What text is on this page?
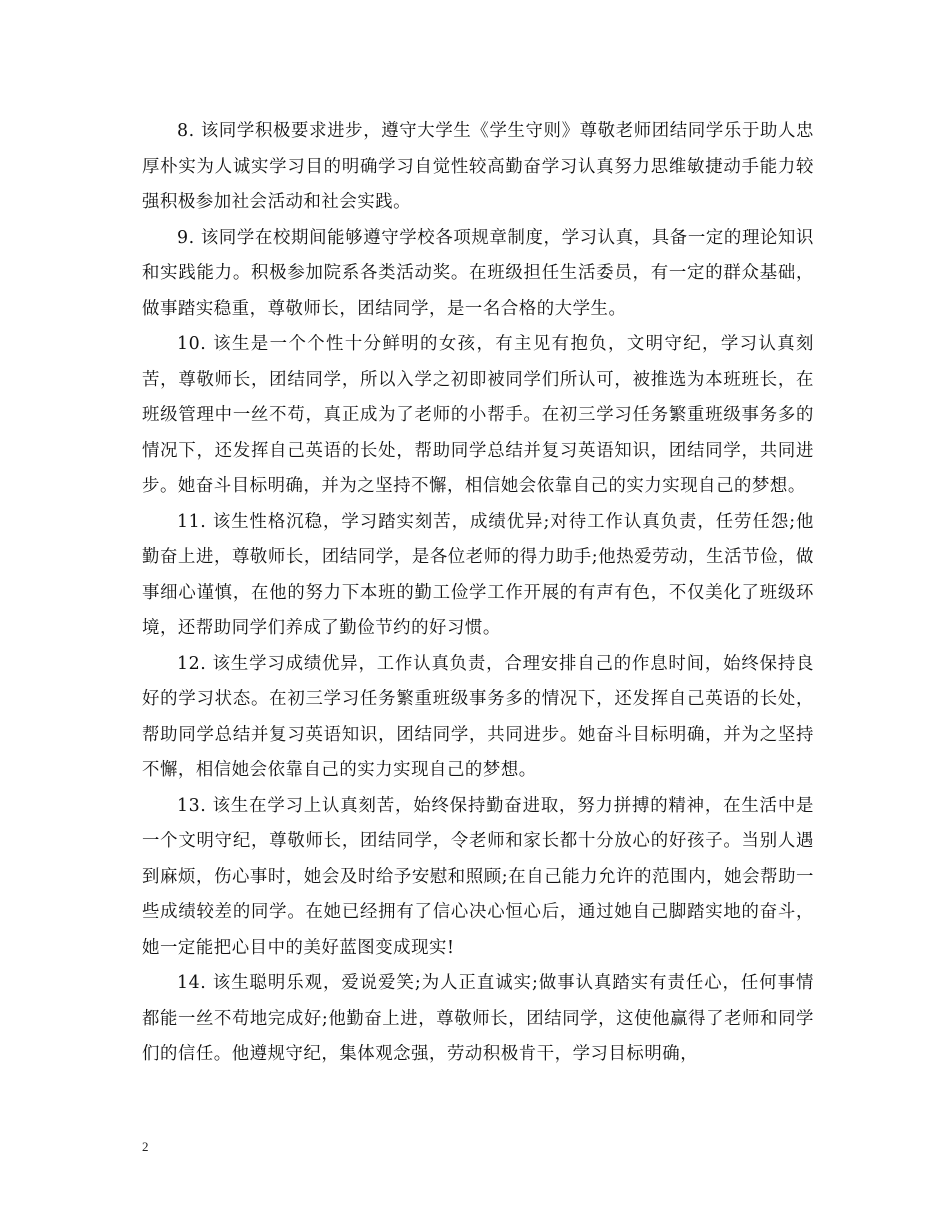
8. 该同学积极要求进步，遵守大学生《学生守则》尊敬老师团结同学乐于助人忠厚朴实为人诚实学习目的明确学习自觉性较高勤奋学习认真努力思维敏捷动手能力较强积极参加社会活动和社会实践。

9. 该同学在校期间能够遵守学校各项规章制度，学习认真，具备一定的理论知识和实践能力。积极参加院系各类活动奖。在班级担任生活委员，有一定的群众基础，做事踏实稳重，尊敬师长，团结同学，是一名合格的大学生。

10. 该生是一个个性十分鲜明的女孩，有主见有抱负，文明守纪，学习认真刻苦，尊敬师长，团结同学，所以入学之初即被同学们所认可，被推选为本班班长，在班级管理中一丝不苟，真正成为了老师的小帮手。在初三学习任务繁重班级事务多的情况下，还发挥自己英语的长处，帮助同学总结并复习英语知识，团结同学，共同进步。她奋斗目标明确，并为之坚持不懈，相信她会依靠自己的实力实现自己的梦想。

11. 该生性格沉稳，学习踏实刻苦，成绩优异;对待工作认真负责，任劳任怨;他勤奋上进，尊敬师长，团结同学，是各位老师的得力助手;他热爱劳动，生活节俭，做事细心谨慎，在他的努力下本班的勤工俭学工作开展的有声有色，不仅美化了班级环境，还帮助同学们养成了勤俭节约的好习惯。

12. 该生学习成绩优异，工作认真负责，合理安排自己的作息时间，始终保持良好的学习状态。在初三学习任务繁重班级事务多的情况下，还发挥自己英语的长处，帮助同学总结并复习英语知识，团结同学，共同进步。她奋斗目标明确，并为之坚持不懈，相信她会依靠自己的实力实现自己的梦想。

13. 该生在学习上认真刻苦，始终保持勤奋进取，努力拼搏的精神，在生活中是一个文明守纪，尊敬师长，团结同学，令老师和家长都十分放心的好孩子。当别人遇到麻烦，伤心事时，她会及时给予安慰和照顾;在自己能力允许的范围内，她会帮助一些成绩较差的同学。在她已经拥有了信心决心恒心后，通过她自己脚踏实地的奋斗，她一定能把心目中的美好蓝图变成现实!

14. 该生聪明乐观，爱说爱笑;为人正直诚实;做事认真踏实有责任心，任何事情都能一丝不苟地完成好;他勤奋上进，尊敬师长，团结同学，这使他赢得了老师和同学们的信任。他遵规守纪，集体观念强，劳动积极肯干，学习目标明确，

2
